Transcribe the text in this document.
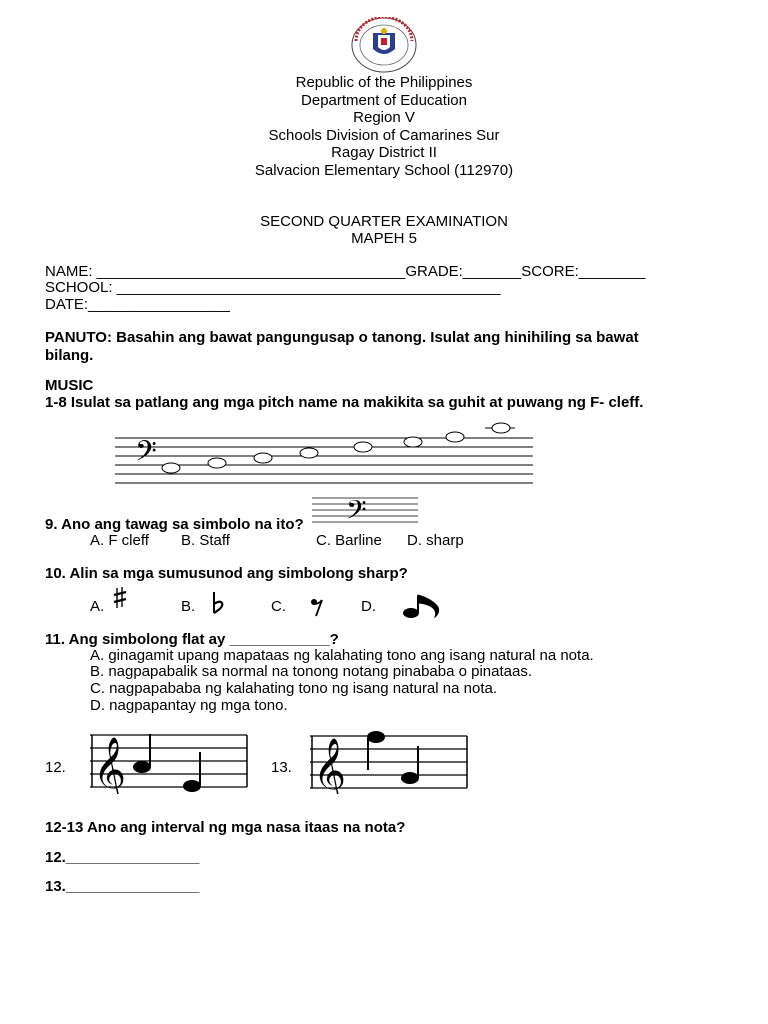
Republic of the Philippines
Department of Education
Region V
Schools Division of Camarines Sur
Ragay District II
Salvacion Elementary School (112970)
SECOND QUARTER EXAMINATION
MAPEH 5
NAME: _____________________________________GRADE:_______SCORE:________
SCHOOL: ______________________________________________
DATE:_________________
PANUTO: Basahin ang bawat pangungusap o tanong. Isulat ang hinihiling sa bawat
bilang.
MUSIC
1-8 Isulat sa patlang ang mga pitch name na makikita sa guhit at puwang ng F- cleff.
𝄢
𝄢
9. Ano ang tawag sa simbolo na ito?
A. F cleff B. Staff	C. Barline D. sharp
10. Alin sa mga sumusunod ang simbolong sharp?
A.	B.	C.	D.
11. Ang simbolong flat ay ____________?
A. ginagamit upang mapataas ng kalahating tono ang isang natural na nota.
B. nagpapabalik sa normal na tonong notang pinababa o pinataas.
C. nagpapababa ng kalahating tono ng isang natural na nota.
D. nagpapantay ng mga tono.
12. 𝄞	13. 𝄞
12-13 Ano ang interval ng mga nasa itaas na nota?
12.________________
13.________________
